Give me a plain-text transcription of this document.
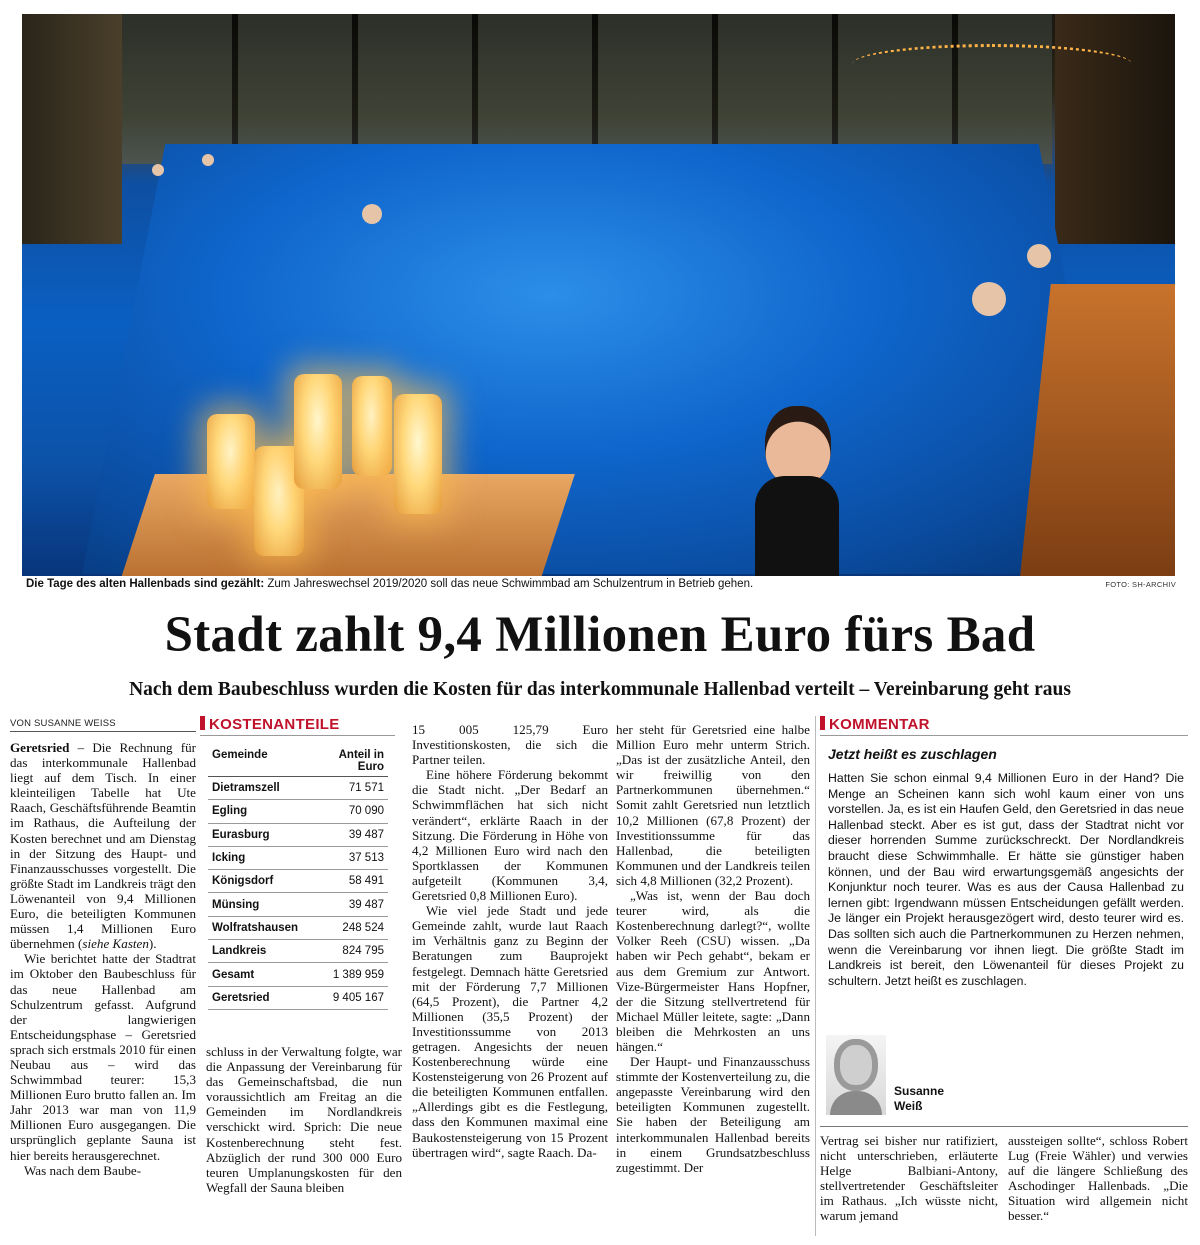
Die Tage des alten Hallenbads sind gezählt: Zum Jahreswechsel 2019/2020 soll das neue Schwimmbad am Schulzentrum in Betrieb gehen.	FOTO: SH-ARCHIV
Stadt zahlt 9,4 Millionen Euro fürs Bad
Nach dem Baubeschluss wurden die Kosten für das interkommunale Hallenbad verteilt – Vereinbarung geht raus
VON SUSANNE WEISS

Geretsried – Die Rechnung für das interkommunale Hallenbad liegt auf dem Tisch. In einer kleinteiligen Tabelle hat Ute Raach, Geschäftsführende Beamtin im Rathaus, die Aufteilung der Kosten berechnet und am Dienstag in der Sitzung des Haupt- und Finanzausschusses vorgestellt. Die größte Stadt im Landkreis trägt den Löwenanteil von 9,4 Millionen Euro, die beteiligten Kommunen müssen 1,4 Millionen Euro übernehmen (siehe Kasten).

Wie berichtet hatte der Stadtrat im Oktober den Baubeschluss für das neue Hallenbad am Schulzentrum gefasst. Aufgrund der langwierigen Entscheidungsphase – Geretsried sprach sich erstmals 2010 für einen Neubau aus – wird das Schwimmbad teurer: 15,3 Millionen Euro brutto fallen an. Im Jahr 2013 war man von 11,9 Millionen Euro ausgegangen. Die ursprünglich geplante Sauna ist hier bereits herausgerechnet.

Was nach dem Baube-

KOSTENANTEILE
Gemeinde	Anteil in Euro
Dietramszell	71 571
Egling	70 090
Eurasburg	39 487
Icking	37 513
Königsdorf	58 491
Münsing	39 487
Wolfratshausen	248 524
Landkreis	824 795
Gesamt	1 389 959
Geretsried	9 405 167

schluss in der Verwaltung folgte, war die Anpassung der Vereinbarung für das Gemeinschaftsbad, die nun voraussichtlich am Freitag an die Gemeinden im Nordlandkreis verschickt wird. Sprich: Die neue Kostenberechnung steht fest. Abzüglich der rund 300 000 Euro teuren Umplanungskosten für den Wegfall der Sauna bleiben

15 005 125,79 Euro Investitionskosten, die sich die Partner teilen.

Eine höhere Förderung bekommt die Stadt nicht. „Der Bedarf an Schwimmflächen hat sich nicht verändert“, erklärte Raach in der Sitzung. Die Förderung in Höhe von 4,2 Millionen Euro wird nach den Sportklassen der Kommunen aufgeteilt (Kommunen 3,4, Geretsried 0,8 Millionen Euro).

Wie viel jede Stadt und jede Gemeinde zahlt, wurde laut Raach im Verhältnis ganz zu Beginn der Beratungen zum Bauprojekt festgelegt. Demnach hätte Geretsried mit der Förderung 7,7 Millionen (64,5 Prozent), die Partner 4,2 Millionen (35,5 Prozent) der Investitionssumme von 2013 getragen. Angesichts der neuen Kostenberechnung würde eine Kostensteigerung von 26 Prozent auf die beteiligten Kommunen entfallen. „Allerdings gibt es die Festlegung, dass den Kommunen maximal eine Baukostensteigerung von 15 Prozent übertragen wird“, sagte Raach. Da-

her steht für Geretsried eine halbe Million Euro mehr unterm Strich. „Das ist der zusätzliche Anteil, den wir freiwillig von den Partnerkommunen übernehmen.“ Somit zahlt Geretsried nun letztlich 10,2 Millionen (67,8 Prozent) der Investitionssumme für das Hallenbad, die beteiligten Kommunen und der Landkreis teilen sich 4,8 Millionen (32,2 Prozent).

„Was ist, wenn der Bau doch teurer wird, als die Kostenberechnung darlegt?“, wollte Volker Reeh (CSU) wissen. „Da haben wir Pech gehabt“, bekam er aus dem Gremium zur Antwort. Vize-Bürgermeister Hans Hopfner, der die Sitzung stellvertretend für Michael Müller leitete, sagte: „Dann bleiben die Mehrkosten an uns hängen.“

Der Haupt- und Finanzausschuss stimmte der Kostenverteilung zu, die angepasste Vereinbarung wird den beteiligten Kommunen zugestellt. Sie haben der Beteiligung am interkommunalen Hallenbad bereits in einem Grundsatzbeschluss zugestimmt. Der

KOMMENTAR
Jetzt heißt es zuschlagen
Hatten Sie schon einmal 9,4 Millionen Euro in der Hand? Die Menge an Scheinen kann sich wohl kaum einer von uns vorstellen. Ja, es ist ein Haufen Geld, den Geretsried in das neue Hallenbad steckt. Aber es ist gut, dass der Stadtrat nicht vor dieser horrenden Summe zurückschreckt. Der Nordlandkreis braucht diese Schwimmhalle. Er hätte sie günstiger haben können, und der Bau wird erwartungsgemäß angesichts der Konjunktur noch teurer. Was es aus der Causa Hallenbad zu lernen gibt: Irgendwann müssen Entscheidungen gefällt werden. Je länger ein Projekt herausgezögert wird, desto teurer wird es. Das sollten sich auch die Partnerkommunen zu Herzen nehmen, wenn die Vereinbarung vor ihnen liegt. Die größte Stadt im Landkreis ist bereit, den Löwenanteil für dieses Projekt zu schultern. Jetzt heißt es zuschlagen.
Susanne
Weiß

Vertrag sei bisher nur ratifiziert, nicht unterschrieben, erläuterte Helge Balbiani-Antony, stellvertretender Geschäftsleiter im Rathaus. „Ich wüsste nicht, warum jemand

aussteigen sollte“, schloss Robert Lug (Freie Wähler) und verwies auf die längere Schließung des Aschodinger Hallenbads. „Die Situation wird allgemein nicht besser.“
